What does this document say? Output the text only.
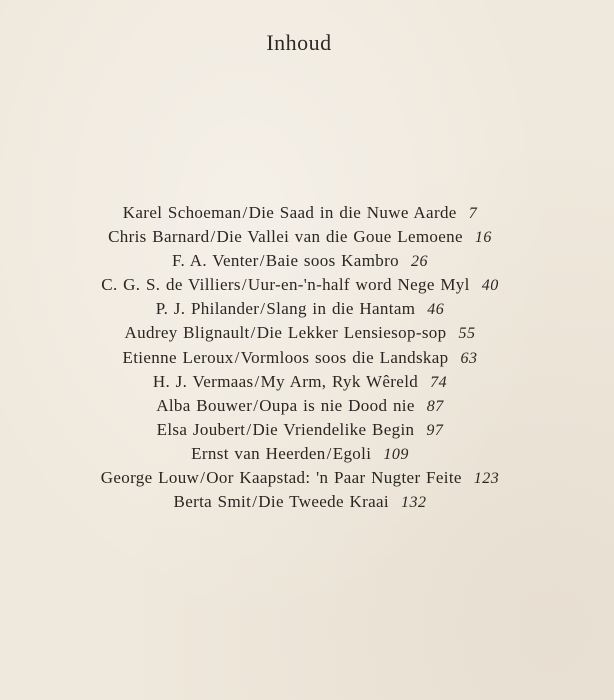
Inhoud
Karel Schoeman/Die Saad in die Nuwe Aarde 7
Chris Barnard/Die Vallei van die Goue Lemoene 16
F. A. Venter/Baie soos Kambro 26
C. G. S. de Villiers/Uur-en-'n-half word Nege Myl 40
P. J. Philander/Slang in die Hantam 46
Audrey Blignault/Die Lekker Lensiesop-sop 55
Etienne Leroux/Vormloos soos die Landskap 63
H. J. Vermaas/My Arm, Ryk Wêreld 74
Alba Bouwer/Oupa is nie Dood nie 87
Elsa Joubert/Die Vriendelike Begin 97
Ernst van Heerden/Egoli 109
George Louw/Oor Kaapstad: 'n Paar Nugter Feite 123
Berta Smit/Die Tweede Kraai 132
